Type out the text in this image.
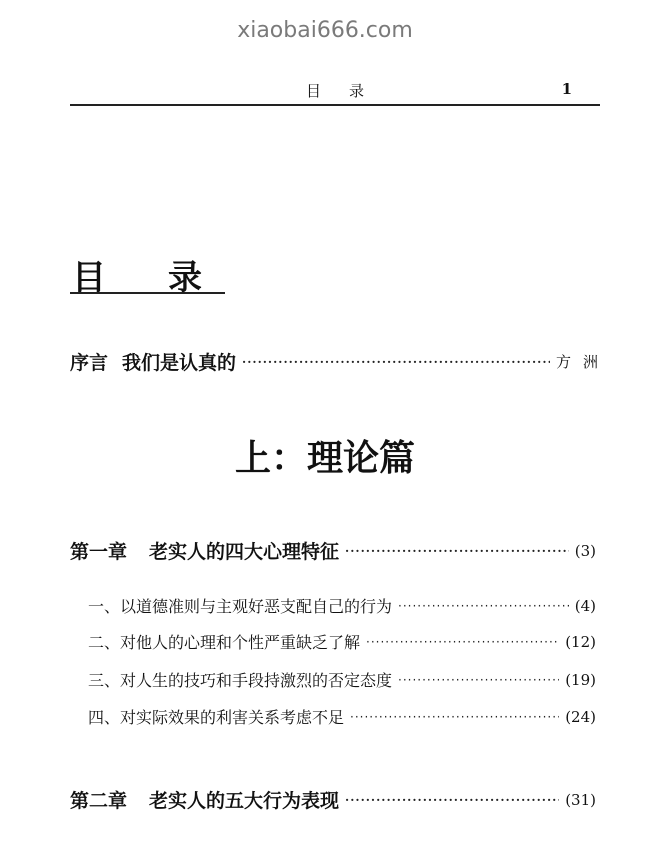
xiaobai666.com
目录	1
目录
序言 我们是认真的 ·····	方洲
上：理论篇
第一章 老实人的四大心理特征 ·····	(3)
一、以道德准则与主观好恶支配自己的行为 ·····	(4)
二、对他人的心理和个性严重缺乏了解 ·····	(12)
三、对人生的技巧和手段持激烈的否定态度 ·····	(19)
四、对实际效果的利害关系考虑不足 ·····	(24)
第二章 老实人的五大行为表现 ·····	(31)
